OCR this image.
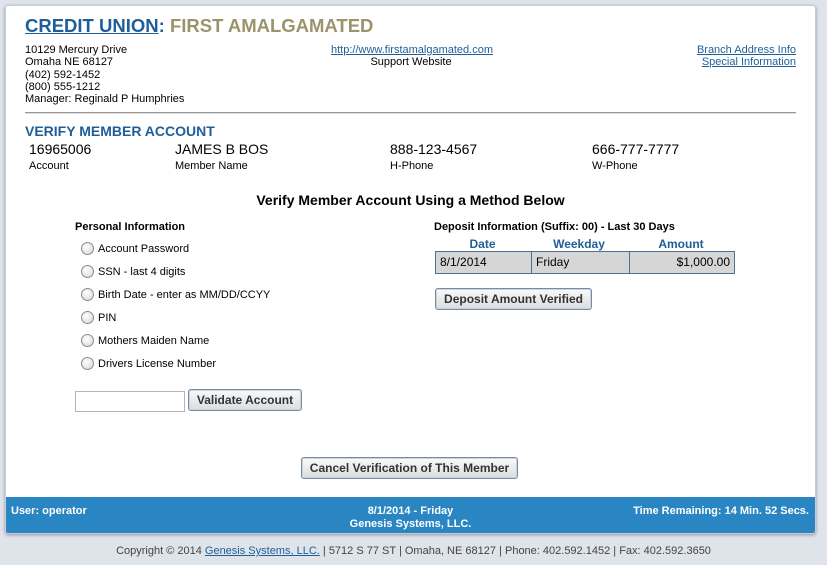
CREDIT UNION: FIRST AMALGAMATED
10129 Mercury Drive
Omaha NE 68127
(402) 592-1452
(800) 555-1212
Manager: Reginald P Humphries
http://www.firstamalgamated.com
Support Website
Branch Address Info
Special Information
VERIFY MEMBER ACCOUNT
16965006
Account
JAMES B BOS
Member Name
888-123-4567
H-Phone
666-777-7777
W-Phone
Verify Member Account Using a Method Below
Personal Information
Account Password
SSN - last 4 digits
Birth Date - enter as MM/DD/CCYY
PIN
Mothers Maiden Name
Drivers License Number
Validate Account
Deposit Information (Suffix: 00) - Last 30 Days
Date	Weekday	Amount
8/1/2014	Friday	$1,000.00
Deposit Amount Verified
Cancel Verification of This Member
User: operator	8/1/2014 - Friday
Genesis Systems, LLC.
Time Remaining: 14 Min. 52 Secs.
Copyright © 2014 Genesis Systems, LLC. | 5712 S 77 ST | Omaha, NE 68127 | Phone: 402.592.1452 | Fax: 402.592.3650
